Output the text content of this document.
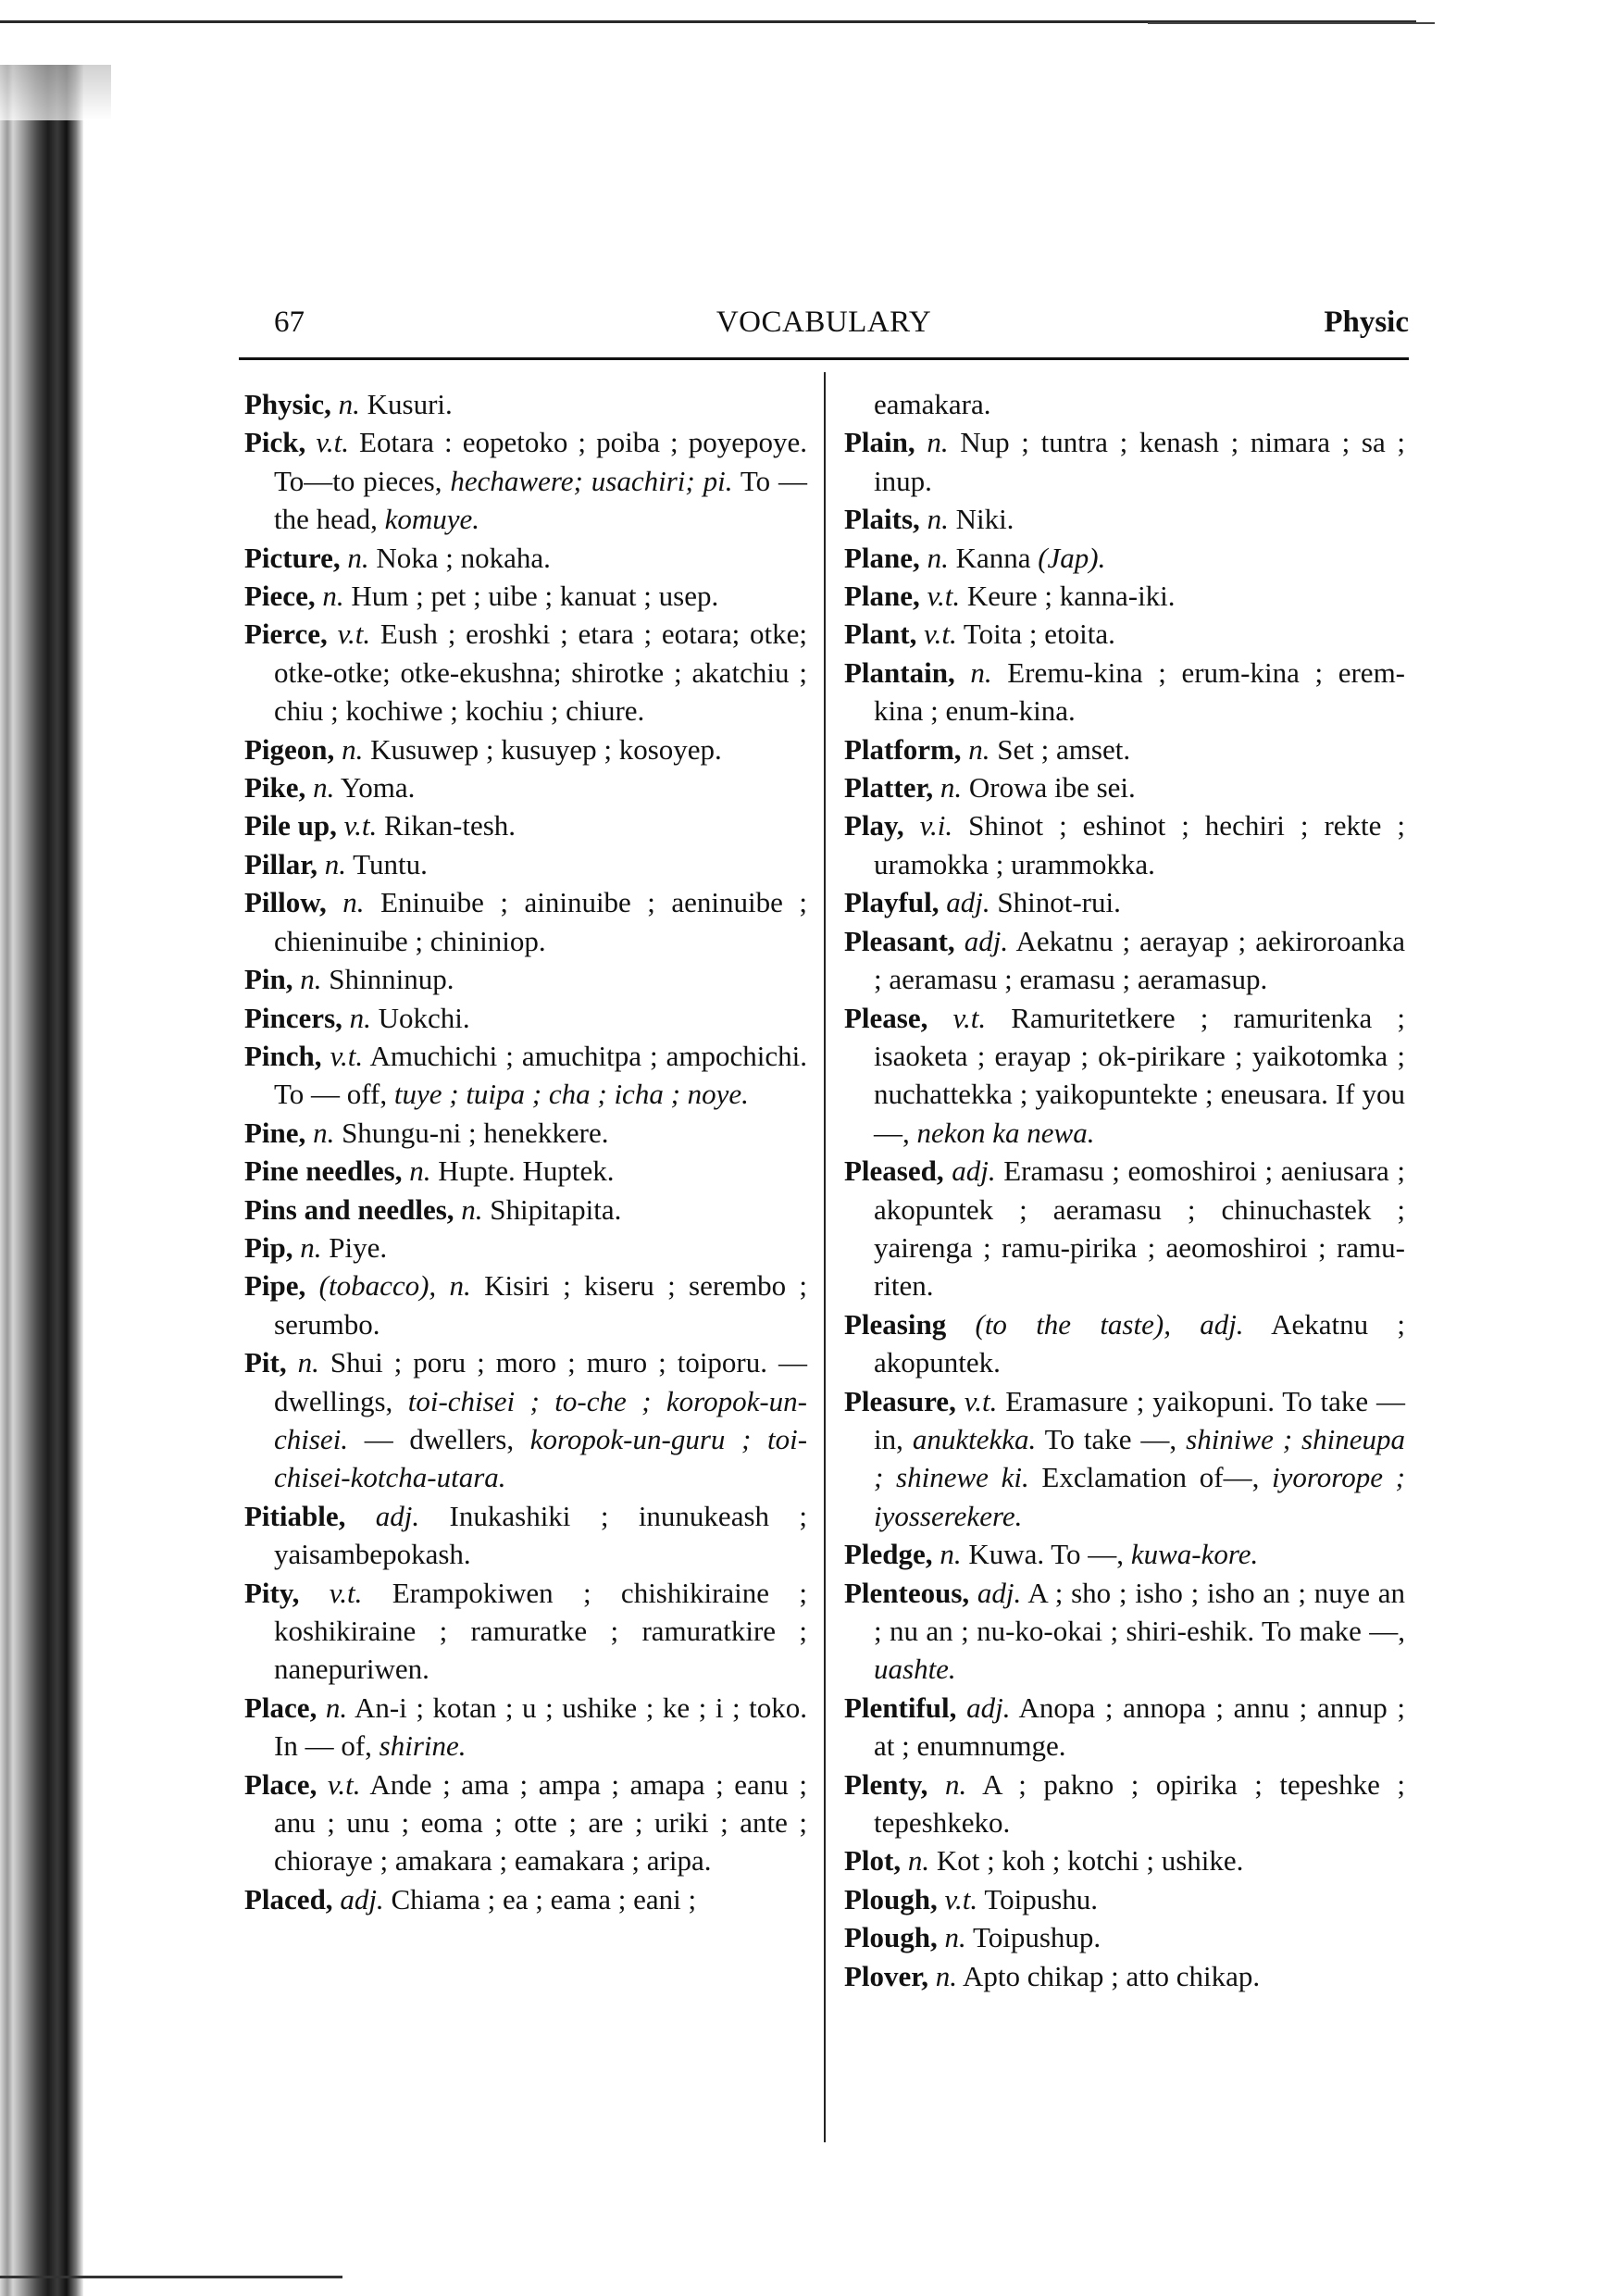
67	VOCABULARY	Physic
Physic, n. Kusuri.
Pick, v.t. Eotara : eopetoko ; poiba ; poyepoye. To—to pieces, hechawere; usachiri; pi. To — the head, komuye.
Picture, n. Noka ; nokaha.
Piece, n. Hum ; pet ; uibe ; kanuat ; usep.
Pierce, v.t. Eush ; eroshki ; etara ; eotara; otke; otke-otke; otke-ekushna; shirotke ; akatchiu ; chiu ; kochiwe ; kochiu ; chiure.
Pigeon, n. Kusuwep ; kusuyep ; kosoyep.
Pike, n. Yoma.
Pile up, v.t. Rikan-tesh.
Pillar, n. Tuntu.
Pillow, n. Eninuibe ; aininuibe ; aeninuibe ; chieninuibe ; chininiop.
Pin, n. Shinninup.
Pincers, n. Uokchi.
Pinch, v.t. Amuchichi ; amuchitpa ; ampochichi. To — off, tuye ; tuipa ; cha ; icha ; noye.
Pine, n. Shungu-ni ; henekkere.
Pine needles, n. Hupte. Huptek.
Pins and needles, n. Shipitapita.
Pip, n. Piye.
Pipe, (tobacco), n. Kisiri ; kiseru ; serembo ; serumbo.
Pit, n. Shui ; poru ; moro ; muro ; toiporu. — dwellings, toi-chisei ; to-che ; koropok-un-chisei. — dwellers, koropok-un-guru ; toi-chisei-kotcha-utara.
Pitiable, adj. Inukashiki ; inunukeash ; yaisambepokash.
Pity, v.t. Erampokiwen ; chishikiraine ; koshikiraine ; ramuratke ; ramuratkire ; nanepuriwen.
Place, n. An-i ; kotan ; u ; ushike ; ke ; i ; toko. In — of, shirine.
Place, v.t. Ande ; ama ; ampa ; amapa ; eanu ; anu ; unu ; eoma ; otte ; are ; uriki ; ante ; chioraye ; amakara ; eamakara ; aripa.
Placed, adj. Chiama ; ea ; eama ; eani ;
eamakara.
Plain, n. Nup ; tuntra ; kenash ; nimara ; sa ; inup.
Plaits, n. Niki.
Plane, n. Kanna (Jap).
Plane, v.t. Keure ; kanna-iki.
Plant, v.t. Toita ; etoita.
Plantain, n. Eremu-kina ; erum-kina ; erem-kina ; enum-kina.
Platform, n. Set ; amset.
Platter, n. Orowa ibe sei.
Play, v.i. Shinot ; eshinot ; hechiri ; rekte ; uramokka ; urammokka.
Playful, adj. Shinot-rui.
Pleasant, adj. Aekatnu ; aerayap ; aekiroroanka ; aeramasu ; eramasu ; aeramasup.
Please, v.t. Ramuritetkere ; ramuritenka ; isaoketa ; erayap ; ok-pirikare ; yaikotomka ; nuchattekka ; yaikopuntekte ; eneusara. If you —, nekon ka newa.
Pleased, adj. Eramasu ; eomoshiroi ; aeniusara ; akopuntek ; aeramasu ; chinuchastek ; yairenga ; ramu-pirika ; aeomoshiroi ; ramu-riten.
Pleasing (to the taste), adj. Aekatnu ; akopuntek.
Pleasure, v.t. Eramasure ; yaikopuni. To take — in, anuktekka. To take —, shiniwe ; shineupa ; shinewe ki. Exclamation of—, iyororope ; iyosserekere.
Pledge, n. Kuwa. To —, kuwa-kore.
Plenteous, adj. A ; sho ; isho ; isho an ; nuye an ; nu an ; nu-ko-okai ; shiri-eshik. To make —, uashte.
Plentiful, adj. Anopa ; annopa ; annu ; annup ; at ; enumnumge.
Plenty, n. A ; pakno ; opirika ; tepeshke ; tepeshkeko.
Plot, n. Kot ; koh ; kotchi ; ushike.
Plough, v.t. Toipushu.
Plough, n. Toipushup.
Plover, n. Apto chikap ; atto chikap.
